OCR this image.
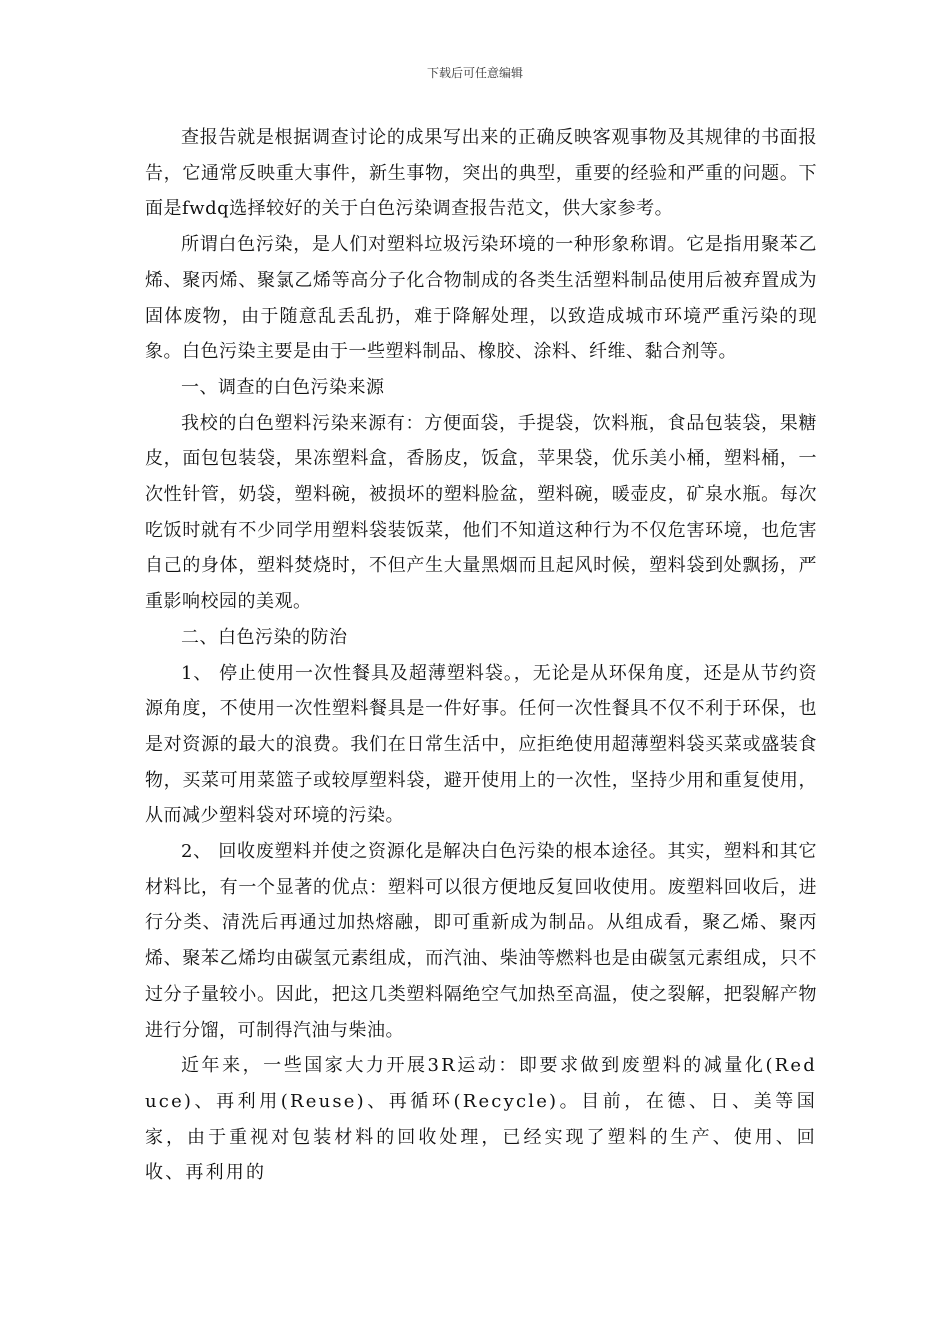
下载后可任意编辑

查报告就是根据调查讨论的成果写出来的正确反映客观事物及其规律的书面报告，它通常反映重大事件，新生事物，突出的典型，重要的经验和严重的问题。下面是fwdq选择较好的关于白色污染调查报告范文，供大家参考。

所谓白色污染，是人们对塑料垃圾污染环境的一种形象称谓。它是指用聚苯乙烯、聚丙烯、聚氯乙烯等高分子化合物制成的各类生活塑料制品使用后被弃置成为固体废物，由于随意乱丢乱扔，难于降解处理，以致造成城市环境严重污染的现象。白色污染主要是由于一些塑料制品、橡胶、涂料、纤维、黏合剂等。

一、调查的白色污染来源

我校的白色塑料污染来源有：方便面袋，手提袋，饮料瓶，食品包装袋，果糖皮，面包包装袋，果冻塑料盒，香肠皮，饭盒，苹果袋，优乐美小桶，塑料桶，一次性针管，奶袋，塑料碗，被损坏的塑料脸盆，塑料碗，暖壶皮，矿泉水瓶。每次吃饭时就有不少同学用塑料袋装饭菜，他们不知道这种行为不仅危害环境，也危害自己的身体，塑料焚烧时，不但产生大量黑烟而且起风时候，塑料袋到处飘扬，严重影响校园的美观。

二、白色污染的防治

1、 停止使用一次性餐具及超薄塑料袋。，无论是从环保角度，还是从节约资源角度，不使用一次性塑料餐具是一件好事。任何一次性餐具不仅不利于环保，也是对资源的最大的浪费。我们在日常生活中，应拒绝使用超薄塑料袋买菜或盛装食物，买菜可用菜篮子或较厚塑料袋，避开使用上的一次性，坚持少用和重复使用，从而减少塑料袋对环境的污染。

2、 回收废塑料并使之资源化是解决白色污染的根本途径。其实，塑料和其它材料比，有一个显著的优点：塑料可以很方便地反复回收使用。废塑料回收后，进行分类、清洗后再通过加热熔融，即可重新成为制品。从组成看，聚乙烯、聚丙烯、聚苯乙烯均由碳氢元素组成，而汽油、柴油等燃料也是由碳氢元素组成，只不过分子量较小。因此，把这几类塑料隔绝空气加热至高温，使之裂解，把裂解产物进行分馏，可制得汽油与柴油。

近年来，一些国家大力开展3R运动：即要求做到废塑料的减量化(Reduce)、再利用(Reuse)、再循环(Recycle)。目前，在德、日、美等国家，由于重视对包装材料的回收处理，已经实现了塑料的生产、使用、回收、再利用的
